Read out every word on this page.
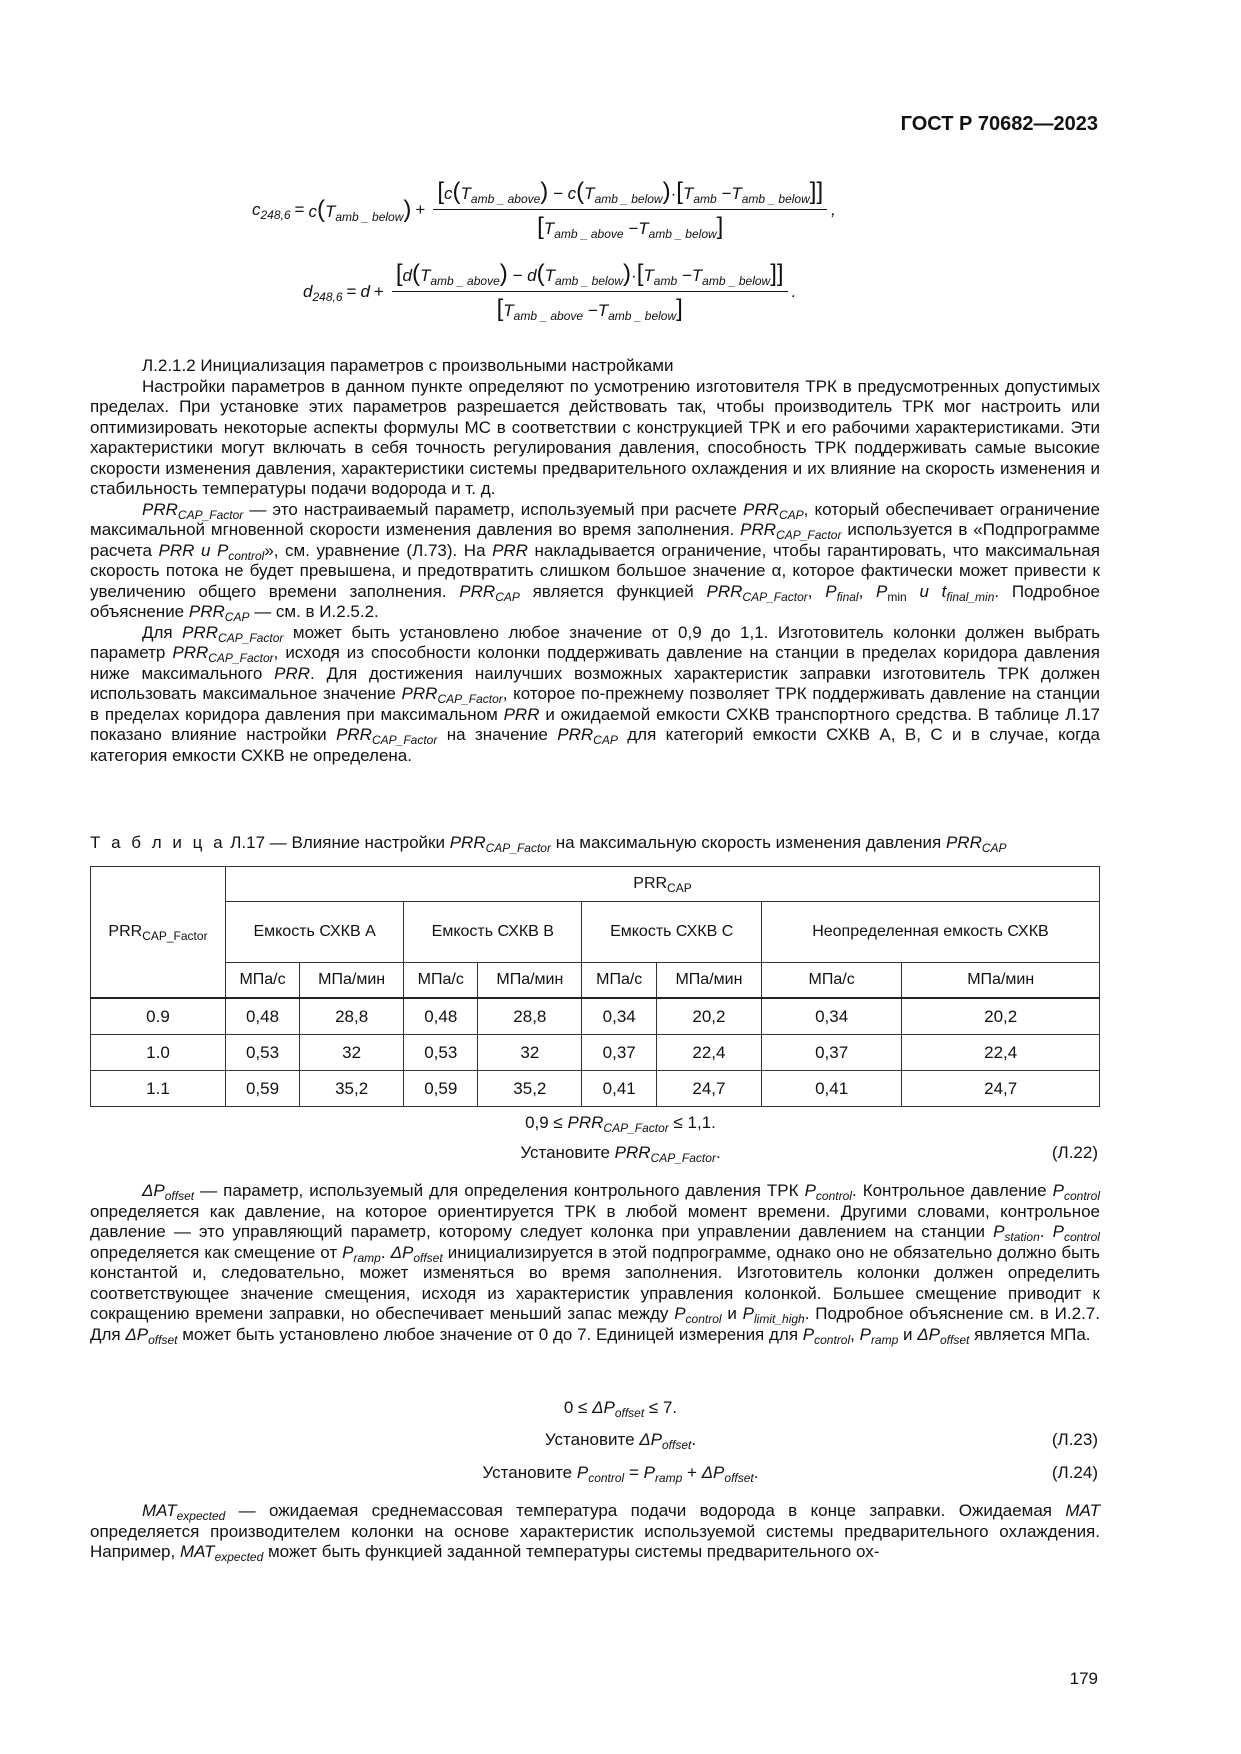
ГОСТ Р 70682—2023
$c_{248,6} = c(T_{amb \_ below}) + \frac{[c(T_{amb \_ above}) - c(T_{amb \_ below})\cdot[T_{amb} -T_{amb \_ below}]]}{[T_{amb \_ above} -T_{amb \_ below}]}$ ,
$d_{248,6} = d + \frac{[d(T_{amb \_ above}) - d(T_{amb \_ below})\cdot[T_{amb} -T_{amb \_ below}]]}{[T_{amb \_ above} -T_{amb \_ below}]}$ .

Л.2.1.2 Инициализация параметров с произвольными настройками

Настройки параметров в данном пункте определяют по усмотрению изготовителя ТРК в предусмотренных допустимых пределах. При установке этих параметров разрешается действовать так, чтобы производитель ТРК мог настроить или оптимизировать некоторые аспекты формулы МС в соответствии с конструкцией ТРК и его рабочими характеристиками. Эти характеристики могут включать в себя точность регулирования давления, способность ТРК поддерживать самые высокие скорости изменения давления, характеристики системы предварительного охлаждения и их влияние на скорость изменения и стабильность температуры подачи водорода и т. д.

$PRR_{CAP\_Factor}$ — это настраиваемый параметр, используемый при расчете $PRR_{CAP}$, который обеспечивает ограничение максимальной мгновенной скорости изменения давления во время заполнения. $PRR_{CAP\_Factor}$ используется в «Подпрограмме расчета PRR и $P_{control}$», см. уравнение (Л.73). На PRR накладывается ограничение, чтобы гарантировать, что максимальная скорость потока не будет превышена, и предотвратить слишком большое значение α, которое фактически может привести к увеличению общего времени заполнения. $PRR_{CAP}$ является функцией $PRR_{CAP\_Factor}$, $P_{final}$, $P_{min}$ и $t_{final\_min}$. Подробное объяснение $PRR_{CAP}$ — см. в И.2.5.2.

Для $PRR_{CAP\_Factor}$ может быть установлено любое значение от 0,9 до 1,1. Изготовитель колонки должен выбрать параметр $PRR_{CAP\_Factor}$, исходя из способности колонки поддерживать давление на станции в пределах коридора давления ниже максимального PRR. Для достижения наилучших возможных характеристик заправки изготовитель ТРК должен использовать максимальное значение $PRR_{CAP\_Factor}$, которое по-прежнему позволяет ТРК поддерживать давление на станции в пределах коридора давления при максимальном PRR и ожидаемой емкости СХКВ транспортного средства. В таблице Л.17 показано влияние настройки $PRR_{CAP\_Factor}$ на значение $PRR_{CAP}$ для категорий емкости СХКВ А, В, С и в случае, когда категория емкости СХКВ не определена.

Т а б л и ц а Л.17 — Влияние настройки $PRR_{CAP\_Factor}$ на максимальную скорость изменения давления $PRR_{CAP}$
$PRR_{CAP\_Factor}$	$PRR_{CAP}$
	Емкость СХКВ А		Емкость СХКВ В		Емкость СХКВ С		Неопределенная емкость СХКВ	
	МПа/с	МПа/мин	МПа/с	МПа/мин	МПа/с	МПа/мин	МПа/с	МПа/мин
0.9	0,48	28,8	0,48	28,8	0,34	20,2	0,34	20,2
1.0	0,53	32	0,53	32	0,37	22,4	0,37	22,4
1.1	0,59	35,2	0,59	35,2	0,41	24,7	0,41	24,7
$0,9 \le PRR_{CAP\_Factor} \le 1,1$.
Установите $PRR_{CAP\_Factor}$.	(Л.22)

$\Delta P_{offset}$ — параметр, используемый для определения контрольного давления ТРК $P_{control}$. Контрольное давление $P_{control}$ определяется как давление, на которое ориентируется ТРК в любой момент времени. Другими словами, контрольное давление — это управляющий параметр, которому следует колонка при управлении давлением на станции $P_{station}$. $P_{control}$ определяется как смещение от $P_{ramp}$. $\Delta P_{offset}$ инициализируется в этой подпрограмме, однако оно не обязательно должно быть константой и, следовательно, может изменяться во время заполнения. Изготовитель колонки должен определить соответствующее значение смещения, исходя из характеристик управления колонкой. Большее смещение приводит к сокращению времени заправки, но обеспечивает меньший запас между $P_{control}$ и $P_{limit\_high}$. Подробное объяснение см. в И.2.7. Для $\Delta P_{offset}$ может быть установлено любое значение от 0 до 7. Единицей измерения для $P_{control}$, $P_{ramp}$ и $\Delta P_{offset}$ является МПа.

$0 \le \Delta P_{offset} \le 7$.
Установите $\Delta P_{offset}$.	(Л.23)
Установите $P_{control} = P_{ramp} + \Delta P_{offset}$.	(Л.24)

$MAT_{expected}$ — ожидаемая среднемассовая температура подачи водорода в конце заправки. Ожидаемая MAT определяется производителем колонки на основе характеристик используемой системы предварительного охлаждения. Например, $MAT_{expected}$ может быть функцией заданной температуры системы предварительного ох-

179
